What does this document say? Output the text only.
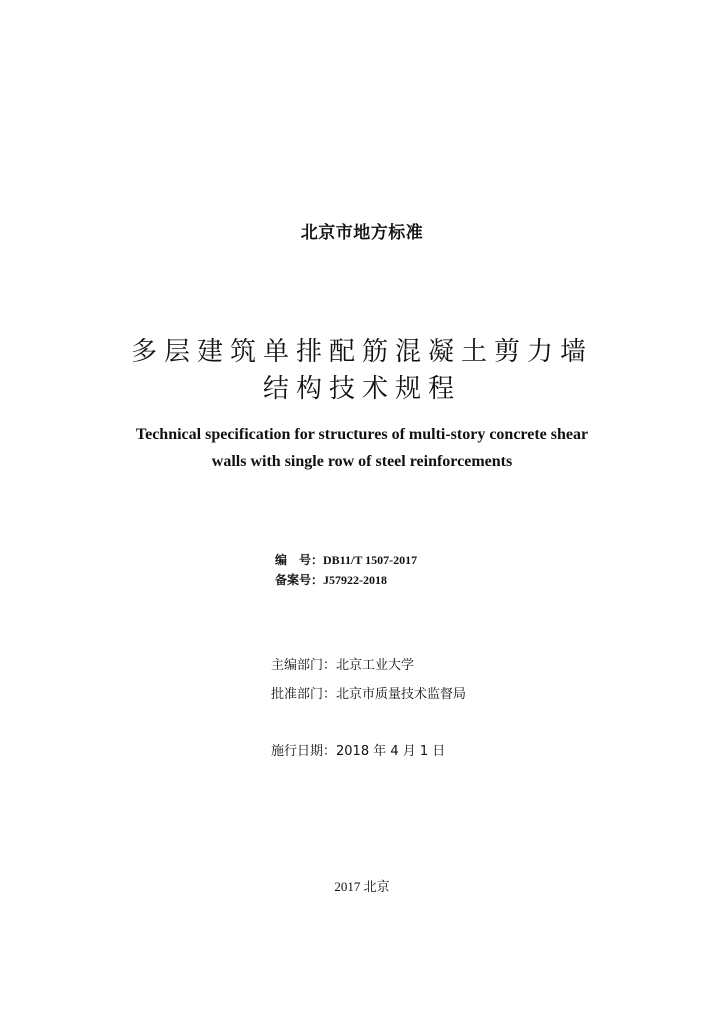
北京市地方标准
多层建筑单排配筋混凝土剪力墙
结构技术规程
Technical specification for structures of multi-story concrete shear
walls with single row of steel reinforcements
编　号：DB11/T 1507-2017
备案号：J57922-2018
主编部门：北京工业大学
批准部门：北京市质量技术监督局
施行日期：2018 年 4 月 1 日
2017 北京
